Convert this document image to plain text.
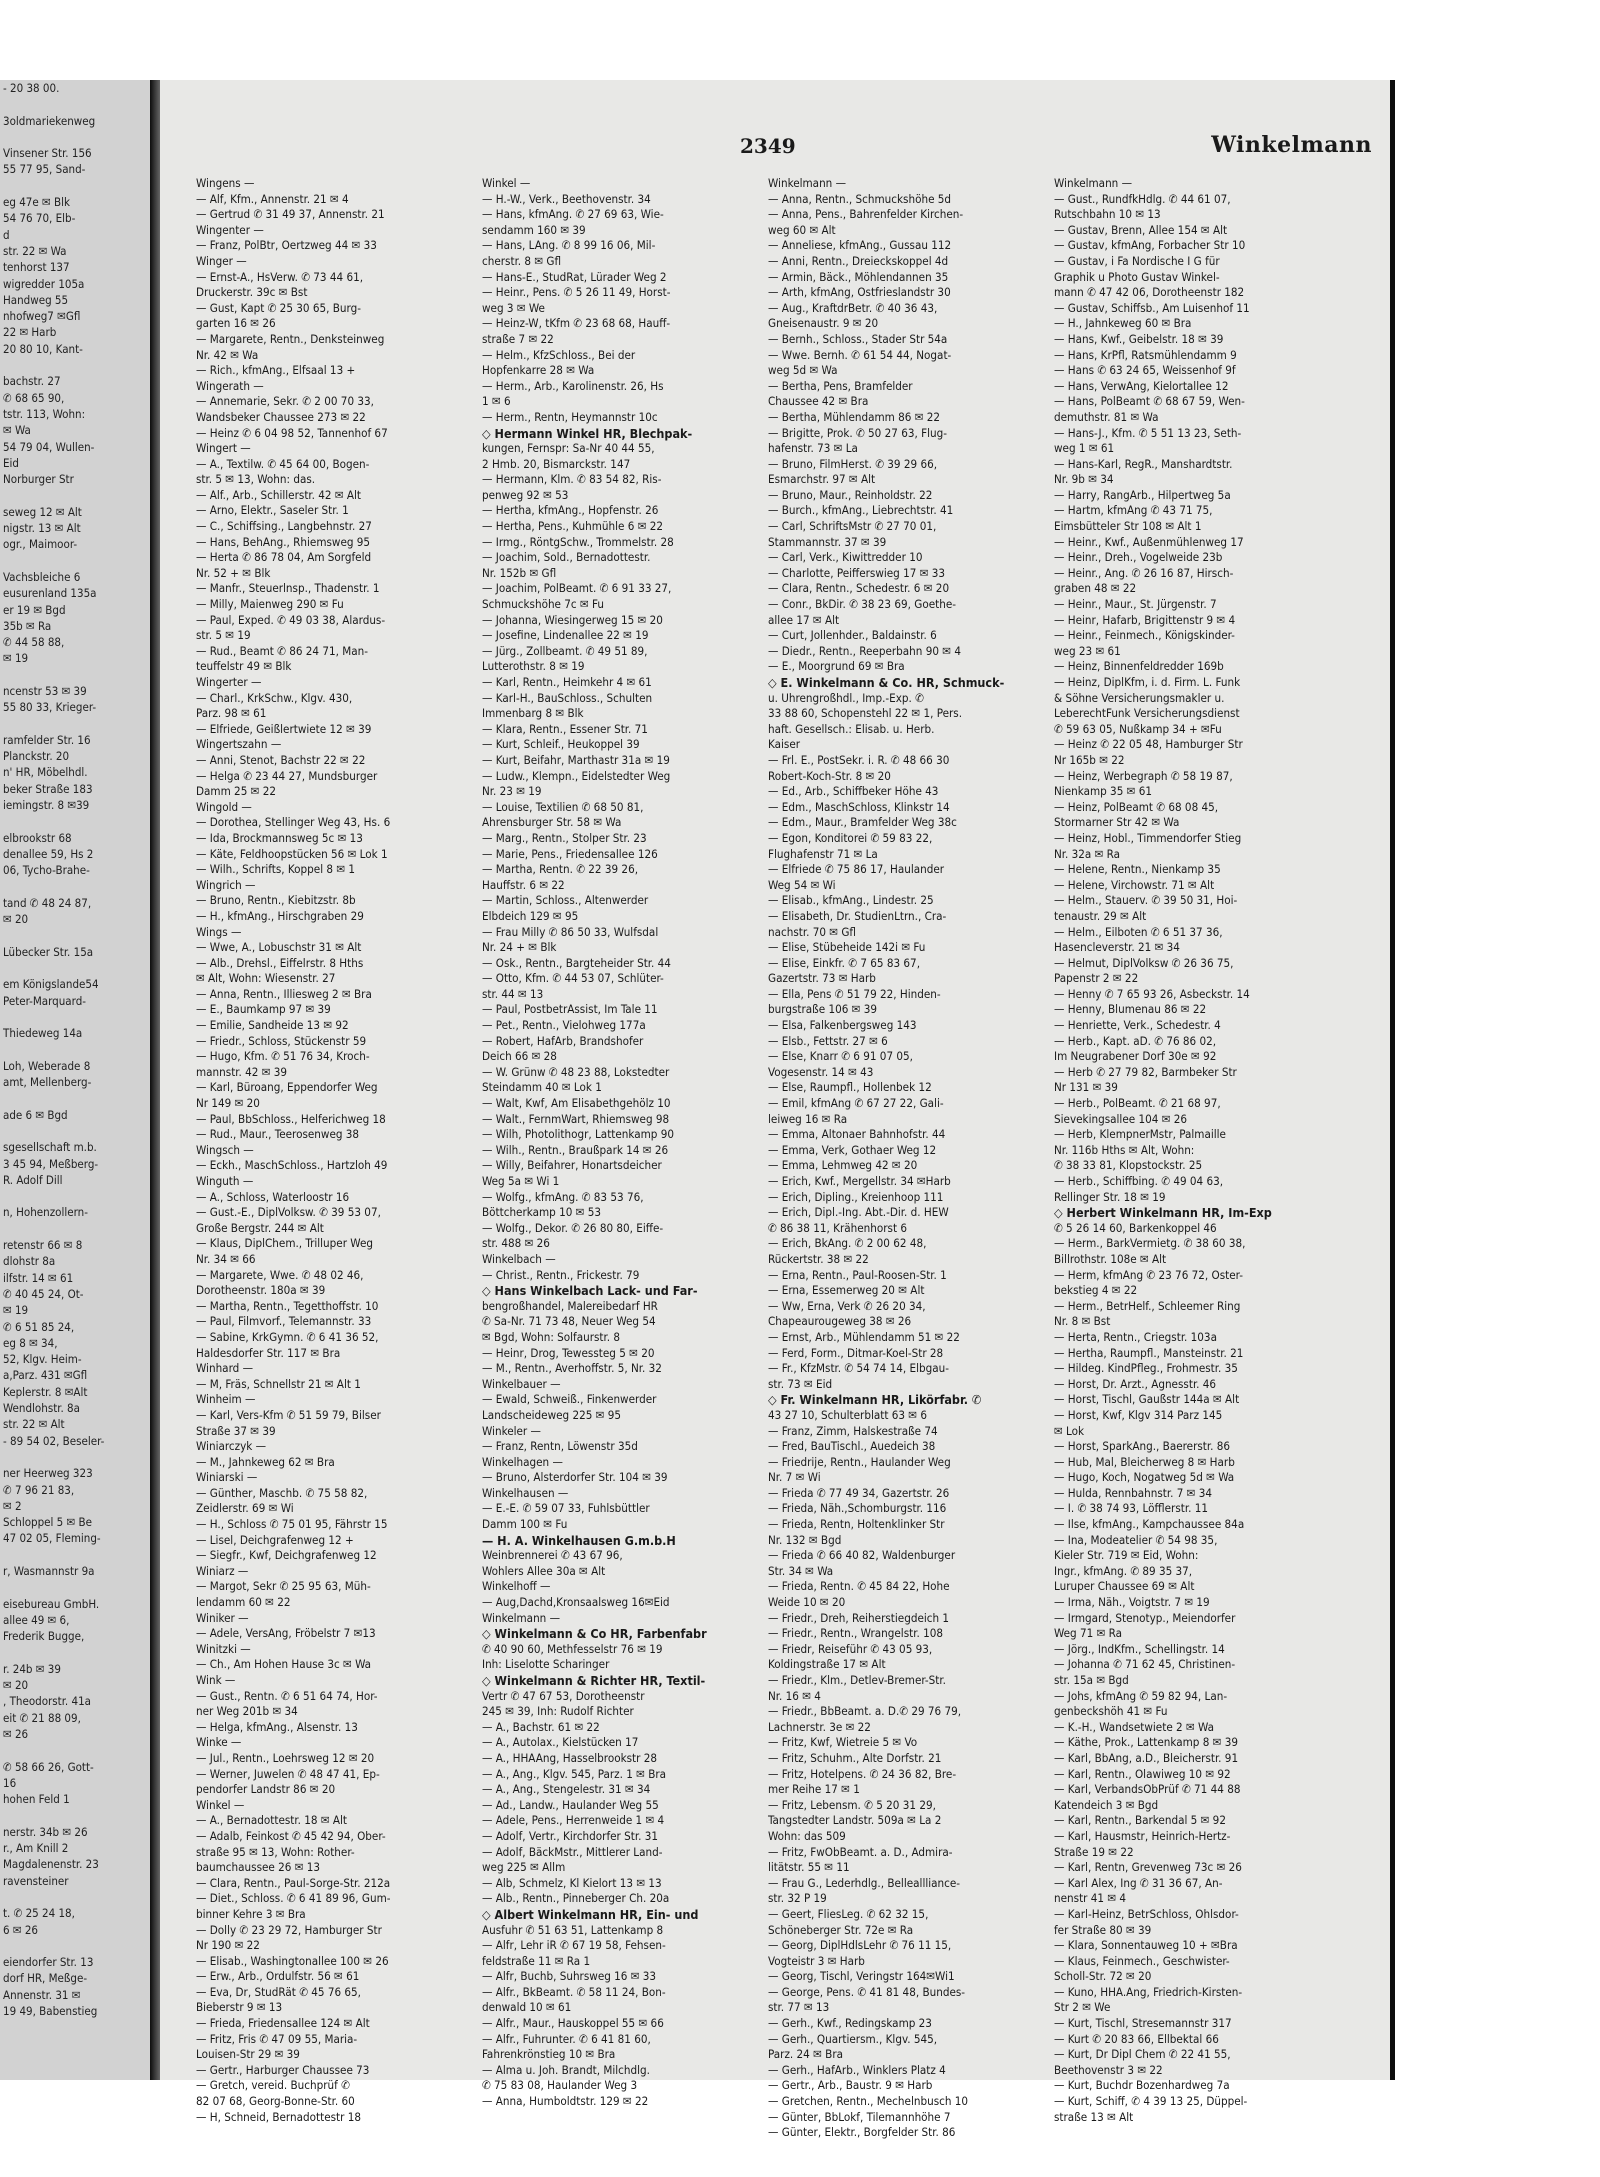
- 20 38 00.

3oldmariekenweg

Vinsener Str. 156
55 77 95, Sand-

eg 47e ✉ Blk
54 76 70, Elb-
d
str. 22 ✉ Wa
tenhorst 137
wigredder 105a
Handweg 55
nhofweg7 ✉Gfl
22 ✉ Harb
20 80 10, Kant-

bachstr. 27
✆ 68 65 90,
tstr. 113, Wohn:
✉ Wa
54 79 04, Wullen-
Eid
Norburger Str

seweg 12 ✉ Alt
nigstr. 13 ✉ Alt
ogr., Maimoor-

Vachsbleiche 6
eusurenland 135a
er 19 ✉ Bgd
35b ✉ Ra
✆ 44 58 88,
✉ 19

ncenstr 53 ✉ 39
55 80 33, Krieger-

ramfelder Str. 16
Planckstr. 20
n' HR, Möbelhdl.
beker Straße 183
iemingstr. 8 ✉39

elbrookstr 68
denallee 59, Hs 2
06, Tycho-Brahe-

tand ✆ 48 24 87,
✉ 20

Lübecker Str. 15a

em Königslande54
Peter-Marquard-

Thiedeweg 14a

Loh, Weberade 8
amt, Mellenberg-

ade 6 ✉ Bgd

sgesellschaft m.b.
3 45 94, Meßberg-
R. Adolf Dill

n, Hohenzollern-

retenstr 66 ✉ 8
dlohstr 8a
ilfstr. 14 ✉ 61
✆ 40 45 24, Ot-
✉ 19
✆ 6 51 85 24,
eg 8 ✉ 34,
52, Klgv. Heim-
a,Parz. 431 ✉Gfl
Keplerstr. 8 ✉Alt
Wendlohstr. 8a
str. 22 ✉ Alt
- 89 54 02, Beseler-

ner Heerweg 323
✆ 7 96 21 83,
✉ 2
Schloppel 5 ✉ Be
47 02 05, Fleming-

r, Wasmannstr 9a

eisebureau GmbH.
allee 49 ✉ 6,
Frederik Bugge,

r. 24b ✉ 39
✉ 20
, Theodorstr. 41a
eit ✆ 21 88 09,
✉ 26

✆ 58 66 26, Gott-
16
hohen Feld 1

nerstr. 34b ✉ 26
r., Am Knill 2
Magdalenenstr. 23
ravensteiner

t. ✆ 25 24 18,
6 ✉ 26

eiendorfer Str. 13
dorf HR, Meßge-
Annenstr. 31 ✉
19 49, Babenstieg
2349	Winkelmann
Wingens —
— Alf, Kfm., Annenstr. 21 ✉ 4
— Gertrud ✆ 31 49 37, Annenstr. 21
Wingenter —
— Franz, PolBtr, Oertzweg 44 ✉ 33
Winger —
— Ernst-A., HsVerw. ✆ 73 44 61,
Druckerstr. 39c ✉ Bst
— Gust, Kapt ✆ 25 30 65, Burg-
garten 16 ✉ 26
— Margarete, Rentn., Denksteinweg
Nr. 42 ✉ Wa
— Rich., kfmAng., Elfsaal 13 +
Wingerath —
— Annemarie, Sekr. ✆ 2 00 70 33,
Wandsbeker Chaussee 273 ✉ 22
— Heinz ✆ 6 04 98 52, Tannenhof 67
Wingert —
— A., Textilw. ✆ 45 64 00, Bogen-
str. 5 ✉ 13, Wohn: das.
— Alf., Arb., Schillerstr. 42 ✉ Alt
— Arno, Elektr., Saseler Str. 1
— C., Schiffsing., Langbehnstr. 27
— Hans, BehAng., Rhiemsweg 95
— Herta ✆ 86 78 04, Am Sorgfeld
Nr. 52 + ✉ Blk
— Manfr., Steuerlnsp., Thadenstr. 1
— Milly, Maienweg 290 ✉ Fu
— Paul, Exped. ✆ 49 03 38, Alardus-
str. 5 ✉ 19
— Rud., Beamt ✆ 86 24 71, Man-
teuffelstr 49 ✉ Blk
Wingerter —
— Charl., KrkSchw., Klgv. 430,
Parz. 98 ✉ 61
— Elfriede, Geißlertwiete 12 ✉ 39
Wingertszahn —
— Anni, Stenot, Bachstr 22 ✉ 22
— Helga ✆ 23 44 27, Mundsburger
Damm 25 ✉ 22
Wingold —
— Dorothea, Stellinger Weg 43, Hs. 6
— Ida, Brockmannsweg 5c ✉ 13
— Käte, Feldhoopstücken 56 ✉ Lok 1
— Wilh., Schrifts, Koppel 8 ✉ 1
Wingrich —
— Bruno, Rentn., Kiebitzstr. 8b
— H., kfmAng., Hirschgraben 29
Wings —
— Wwe, A., Lobuschstr 31 ✉ Alt
— Alb., Drehsl., Eiffelrstr. 8 Hths
✉ Alt, Wohn: Wiesenstr. 27
— Anna, Rentn., Illiesweg 2 ✉ Bra
— E., Baumkamp 97 ✉ 39
— Emilie, Sandheide 13 ✉ 92
— Friedr., Schloss, Stückenstr 59
— Hugo, Kfm. ✆ 51 76 34, Kroch-
mannstr. 42 ✉ 39
— Karl, Büroang, Eppendorfer Weg
Nr 149 ✉ 20
— Paul, BbSchloss., Helferichweg 18
— Rud., Maur., Teerosenweg 38
Wingsch —
— Eckh., MaschSchloss., Hartzloh 49
Winguth —
— A., Schloss, Waterloostr 16
— Gust.-E., DiplVolksw. ✆ 39 53 07,
Große Bergstr. 244 ✉ Alt
— Klaus, DiplChem., Trilluper Weg
Nr. 34 ✉ 66
— Margarete, Wwe. ✆ 48 02 46,
Dorotheenstr. 180a ✉ 39
— Martha, Rentn., Tegetthoffstr. 10
— Paul, Filmvorf., Telemannstr. 33
— Sabine, KrkGymn. ✆ 6 41 36 52,
Haldesdorfer Str. 117 ✉ Bra
Winhard —
— M, Fräs, Schnellstr 21 ✉ Alt 1
Winheim —
— Karl, Vers-Kfm ✆ 51 59 79, Bilser
Straße 37 ✉ 39
Winiarczyk —
— M., Jahnkeweg 62 ✉ Bra
Winiarski —
— Günther, Maschb. ✆ 75 58 82,
Zeidlerstr. 69 ✉ Wi
— H., Schloss ✆ 75 01 95, Fährstr 15
— Lisel, Deichgrafenweg 12 +
— Siegfr., Kwf, Deichgrafenweg 12
Winiarz —
— Margot, Sekr ✆ 25 95 63, Müh-
lendamm 60 ✉ 22
Winiker —
— Adele, VersAng, Fröbelstr 7 ✉13
Winitzki —
— Ch., Am Hohen Hause 3c ✉ Wa
Wink —
— Gust., Rentn. ✆ 6 51 64 74, Hor-
ner Weg 201b ✉ 34
— Helga, kfmAng., Alsenstr. 13
Winke —
— Jul., Rentn., Loehrsweg 12 ✉ 20
— Werner, Juwelen ✆ 48 47 41, Ep-
pendorfer Landstr 86 ✉ 20
Winkel —
— A., Bernadottestr. 18 ✉ Alt
— Adalb, Feinkost ✆ 45 42 94, Ober-
straße 95 ✉ 13, Wohn: Rother-
baumchaussee 26 ✉ 13
— Clara, Rentn., Paul-Sorge-Str. 212a
— Diet., Schloss. ✆ 6 41 89 96, Gum-
binner Kehre 3 ✉ Bra
— Dolly ✆ 23 29 72, Hamburger Str
Nr 190 ✉ 22
— Elisab., Washingtonallee 100 ✉ 26
— Erw., Arb., Ordulfstr. 56 ✉ 61
— Eva, Dr, StudRät ✆ 45 76 65,
Bieberstr 9 ✉ 13
— Frieda, Friedensallee 124 ✉ Alt
— Fritz, Fris ✆ 47 09 55, Maria-
Louisen-Str 29 ✉ 39
— Gertr., Harburger Chaussee 73
— Gretch, vereid. Buchprüf ✆
82 07 68, Georg-Bonne-Str. 60
— H, Schneid, Bernadottestr 18
Winkel —
— H.-W., Verk., Beethovenstr. 34
— Hans, kfmAng. ✆ 27 69 63, Wie-
sendamm 160 ✉ 39
— Hans, LAng. ✆ 8 99 16 06, Mil-
cherstr. 8 ✉ Gfl
— Hans-E., StudRat, Lürader Weg 2
— Heinr., Pens. ✆ 5 26 11 49, Horst-
weg 3 ✉ We
— Heinz-W, tKfm ✆ 23 68 68, Hauff-
straße 7 ✉ 22
— Helm., KfzSchloss., Bei der
Hopfenkarre 28 ✉ Wa
— Herm., Arb., Karolinenstr. 26, Hs
1 ✉ 6
— Herm., Rentn, Heymannstr 10c
◇ Hermann Winkel HR, Blechpak-
kungen, Fernspr: Sa-Nr 40 44 55,
2 Hmb. 20, Bismarckstr. 147
— Hermann, Klm. ✆ 83 54 82, Ris-
penweg 92 ✉ 53
— Hertha, kfmAng., Hopfenstr. 26
— Hertha, Pens., Kuhmühle 6 ✉ 22
— Irmg., RöntgSchw., Trommelstr. 28
— Joachim, Sold., Bernadottestr.
Nr. 152b ✉ Gfl
— Joachim, PolBeamt. ✆ 6 91 33 27,
Schmuckshöhe 7c ✉ Fu
— Johanna, Wiesingerweg 15 ✉ 20
— Josefine, Lindenallee 22 ✉ 19
— Jürg., Zollbeamt. ✆ 49 51 89,
Lutterothstr. 8 ✉ 19
— Karl, Rentn., Heimkehr 4 ✉ 61
— Karl-H., BauSchloss., Schulten
Immenbarg 8 ✉ Blk
— Klara, Rentn., Essener Str. 71
— Kurt, Schleif., Heukoppel 39
— Kurt, Beifahr, Marthastr 31a ✉ 19
— Ludw., Klempn., Eidelstedter Weg
Nr. 23 ✉ 19
— Louise, Textilien ✆ 68 50 81,
Ahrensburger Str. 58 ✉ Wa
— Marg., Rentn., Stolper Str. 23
— Marie, Pens., Friedensallee 126
— Martha, Rentn. ✆ 22 39 26,
Hauffstr. 6 ✉ 22
— Martin, Schloss., Altenwerder
Elbdeich 129 ✉ 95
— Frau Milly ✆ 86 50 33, Wulfsdal
Nr. 24 + ✉ Blk
— Osk., Rentn., Bargteheider Str. 44
— Otto, Kfm. ✆ 44 53 07, Schlüter-
str. 44 ✉ 13
— Paul, PostbetrAssist, Im Tale 11
— Pet., Rentn., Vielohweg 177a
— Robert, HafArb, Brandshofer
Deich 66 ✉ 28
— W. Grünw ✆ 48 23 88, Lokstedter
Steindamm 40 ✉ Lok 1
— Walt, Kwf, Am Elisabethgehölz 10
— Walt., FernmWart, Rhiemsweg 98
— Wilh, Photolithogr, Lattenkamp 90
— Wilh., Rentn., Braußpark 14 ✉ 26
— Willy, Beifahrer, Honartsdeicher
Weg 5a ✉ Wi 1
— Wolfg., kfmAng. ✆ 83 53 76,
Böttcherkamp 10 ✉ 53
— Wolfg., Dekor. ✆ 26 80 80, Eiffe-
str. 488 ✉ 26
Winkelbach —
— Christ., Rentn., Frickestr. 79
◇ Hans Winkelbach Lack- und Far-
bengroßhandel, Malereibedarf HR
✆ Sa-Nr. 71 73 48, Neuer Weg 54
✉ Bgd, Wohn: Solfaurstr. 8
— Heinr, Drog, Tewessteg 5 ✉ 20
— M., Rentn., Averhoffstr. 5, Nr. 32
Winkelbauer —
— Ewald, Schweiß., Finkenwerder
Landscheideweg 225 ✉ 95
Winkeler —
— Franz, Rentn, Löwenstr 35d
Winkelhagen —
— Bruno, Alsterdorfer Str. 104 ✉ 39
Winkelhausen —
— E.-E. ✆ 59 07 33, Fuhlsbüttler
Damm 100 ✉ Fu
— H. A. Winkelhausen G.m.b.H
Weinbrennerei ✆ 43 67 96,
Wohlers Allee 30a ✉ Alt
Winkelhoff —
— Aug,Dachd,Kronsaalsweg 16✉Eid
Winkelmann —
◇ Winkelmann & Co HR, Farbenfabr
✆ 40 90 60, Methfesselstr 76 ✉ 19
Inh: Liselotte Scharinger
◇ Winkelmann & Richter HR, Textil-
Vertr ✆ 47 67 53, Dorotheenstr
245 ✉ 39, Inh: Rudolf Richter
— A., Bachstr. 61 ✉ 22
— A., Autolax., Kielstücken 17
— A., HHAAng, Hasselbrookstr 28
— A., Ang., Klgv. 545, Parz. 1 ✉ Bra
— A., Ang., Stengelestr. 31 ✉ 34
— Ad., Landw., Haulander Weg 55
— Adele, Pens., Herrenweide 1 ✉ 4
— Adolf, Vertr., Kirchdorfer Str. 31
— Adolf, BäckMstr., Mittlerer Land-
weg 225 ✉ Allm
— Alb, Schmelz, Kl Kielort 13 ✉ 13
— Alb., Rentn., Pinneberger Ch. 20a
◇ Albert Winkelmann HR, Ein- und
Ausfuhr ✆ 51 63 51, Lattenkamp 8
— Alfr, Lehr iR ✆ 67 19 58, Fehsen-
feldstraße 11 ✉ Ra 1
— Alfr, Buchb, Suhrsweg 16 ✉ 33
— Alfr., BkBeamt. ✆ 58 11 24, Bon-
denwald 10 ✉ 61
— Alfr., Maur., Hauskoppel 55 ✉ 66
— Alfr., Fuhrunter. ✆ 6 41 81 60,
Fahrenkrönstieg 10 ✉ Bra
— Alma u. Joh. Brandt, Milchdlg.
✆ 75 83 08, Haulander Weg 3
— Anna, Humboldtstr. 129 ✉ 22
Winkelmann —
— Anna, Rentn., Schmuckshöhe 5d
— Anna, Pens., Bahrenfelder Kirchen-
weg 60 ✉ Alt
— Anneliese, kfmAng., Gussau 112
— Anni, Rentn., Dreieckskoppel 4d
— Armin, Bäck., Möhlendannen 35
— Arth, kfmAng, Ostfrieslandstr 30
— Aug., KraftdrBetr. ✆ 40 36 43,
Gneisenaustr. 9 ✉ 20
— Bernh., Schloss., Stader Str 54a
— Wwe. Bernh. ✆ 61 54 44, Nogat-
weg 5d ✉ Wa
— Bertha, Pens, Bramfelder
Chaussee 42 ✉ Bra
— Bertha, Mühlendamm 86 ✉ 22
— Brigitte, Prok. ✆ 50 27 63, Flug-
hafenstr. 73 ✉ La
— Bruno, FilmHerst. ✆ 39 29 66,
Esmarchstr. 97 ✉ Alt
— Bruno, Maur., Reinholdstr. 22
— Burch., kfmAng., Liebrechtstr. 41
— Carl, SchriftsMstr ✆ 27 70 01,
Stammannstr. 37 ✉ 39
— Carl, Verk., Kiwittredder 10
— Charlotte, Peifferswieg 17 ✉ 33
— Clara, Rentn., Schedestr. 6 ✉ 20
— Conr., BkDir. ✆ 38 23 69, Goethe-
allee 17 ✉ Alt
— Curt, Jollenhder., Baldainstr. 6
— Diedr., Rentn., Reeperbahn 90 ✉ 4
— E., Moorgrund 69 ✉ Bra
◇ E. Winkelmann & Co. HR, Schmuck-
u. Uhrengroßhdl., Imp.-Exp. ✆
33 88 60, Schopenstehl 22 ✉ 1, Pers.
haft. Gesellsch.: Elisab. u. Herb.
Kaiser
— Frl. E., PostSekr. i. R. ✆ 48 66 30
Robert-Koch-Str. 8 ✉ 20
— Ed., Arb., Schiffbeker Höhe 43
— Edm., MaschSchloss, Klinkstr 14
— Edm., Maur., Bramfelder Weg 38c
— Egon, Konditorei ✆ 59 83 22,
Flughafenstr 71 ✉ La
— Elfriede ✆ 75 86 17, Haulander
Weg 54 ✉ Wi
— Elisab., kfmAng., Lindestr. 25
— Elisabeth, Dr. StudienLtrn., Cra-
nachstr. 70 ✉ Gfl
— Elise, Stübeheide 142i ✉ Fu
— Elise, Einkfr. ✆ 7 65 83 67,
Gazertstr. 73 ✉ Harb
— Ella, Pens ✆ 51 79 22, Hinden-
burgstraße 106 ✉ 39
— Elsa, Falkenbergsweg 143
— Elsb., Fettstr. 27 ✉ 6
— Else, Knarr ✆ 6 91 07 05,
Vogesenstr. 14 ✉ 43
— Else, Raumpfl., Hollenbek 12
— Emil, kfmAng ✆ 67 27 22, Gali-
leiweg 16 ✉ Ra
— Emma, Altonaer Bahnhofstr. 44
— Emma, Verk, Gothaer Weg 12
— Emma, Lehmweg 42 ✉ 20
— Erich, Kwf., Mergellstr. 34 ✉Harb
— Erich, Dipling., Kreienhoop 111
— Erich, Dipl.-Ing. Abt.-Dir. d. HEW
✆ 86 38 11, Krähenhorst 6
— Erich, BkAng. ✆ 2 00 62 48,
Rückertstr. 38 ✉ 22
— Erna, Rentn., Paul-Roosen-Str. 1
— Erna, Essemerweg 20 ✉ Alt
— Ww, Erna, Verk ✆ 26 20 34,
Chapeaurougeweg 38 ✉ 26
— Ernst, Arb., Mühlendamm 51 ✉ 22
— Ferd, Form., Ditmar-Koel-Str 28
— Fr., KfzMstr. ✆ 54 74 14, Elbgau-
str. 73 ✉ Eid
◇ Fr. Winkelmann HR, Likörfabr. ✆
43 27 10, Schulterblatt 63 ✉ 6
— Franz, Zimm, Halskestraße 74
— Fred, BauTischl., Auedeich 38
— Friedrije, Rentn., Haulander Weg
Nr. 7 ✉ Wi
— Frieda ✆ 77 49 34, Gazertstr. 26
— Frieda, Näh.,Schomburgstr. 116
— Frieda, Rentn, Holtenklinker Str
Nr. 132 ✉ Bgd
— Frieda ✆ 66 40 82, Waldenburger
Str. 34 ✉ Wa
— Frieda, Rentn. ✆ 45 84 22, Hohe
Weide 10 ✉ 20
— Friedr., Dreh, Reiherstiegdeich 1
— Friedr., Rentn., Wrangelstr. 108
— Friedr, Reiseführ ✆ 43 05 93,
Koldingstraße 17 ✉ Alt
— Friedr., Klm., Detlev-Bremer-Str.
Nr. 16 ✉ 4
— Friedr., BbBeamt. a. D.✆ 29 76 79,
Lachnerstr. 3e ✉ 22
— Fritz, Kwf, Wietreie 5 ✉ Vo
— Fritz, Schuhm., Alte Dorfstr. 21
— Fritz, Hotelpens. ✆ 24 36 82, Bre-
mer Reihe 17 ✉ 1
— Fritz, Lebensm. ✆ 5 20 31 29,
Tangstedter Landstr. 509a ✉ La 2
Wohn: das 509
— Fritz, FwObBeamt. a. D., Admira-
litätstr. 55 ✉ 11
— Frau G., Lederhdlg., Belleallliance-
str. 32 P 19
— Geert, FliesLeg. ✆ 62 32 15,
Schöneberger Str. 72e ✉ Ra
— Georg, DiplHdlsLehr ✆ 76 11 15,
Vogteistr 3 ✉ Harb
— Georg, Tischl, Veringstr 164✉Wi1
— George, Pens. ✆ 41 81 48, Bundes-
str. 77 ✉ 13
— Gerh., Kwf., Redingskamp 23
— Gerh., Quartiersm., Klgv. 545,
Parz. 24 ✉ Bra
— Gerh., HafArb., Winklers Platz 4
— Gertr., Arb., Baustr. 9 ✉ Harb
— Gretchen, Rentn., Mechelnbusch 10
— Günter, BbLokf, Tilemannhöhe 7
— Günter, Elektr., Borgfelder Str. 86
Winkelmann —
— Gust., RundfkHdlg. ✆ 44 61 07,
Rutschbahn 10 ✉ 13
— Gustav, Brenn, Allee 154 ✉ Alt
— Gustav, kfmAng, Forbacher Str 10
— Gustav, i Fa Nordische I G für
Graphik u Photo Gustav Winkel-
mann ✆ 47 42 06, Dorotheenstr 182
— Gustav, Schiffsb., Am Luisenhof 11
— H., Jahnkeweg 60 ✉ Bra
— Hans, Kwf., Geibelstr. 18 ✉ 39
— Hans, KrPfl, Ratsmühlendamm 9
— Hans ✆ 63 24 65, Weissenhof 9f
— Hans, VerwAng, Kielortallee 12
— Hans, PolBeamt ✆ 68 67 59, Wen-
demuthstr. 81 ✉ Wa
— Hans-J., Kfm. ✆ 5 51 13 23, Seth-
weg 1 ✉ 61
— Hans-Karl, RegR., Manshardtstr.
Nr. 9b ✉ 34
— Harry, RangArb., Hilpertweg 5a
— Hartm, kfmAng ✆ 43 71 75,
Eimsbütteler Str 108 ✉ Alt 1
— Heinr., Kwf., Außenmühlenweg 17
— Heinr., Dreh., Vogelweide 23b
— Heinr., Ang. ✆ 26 16 87, Hirsch-
graben 48 ✉ 22
— Heinr., Maur., St. Jürgenstr. 7
— Heinr, Hafarb, Brigittenstr 9 ✉ 4
— Heinr., Feinmech., Königskinder-
weg 23 ✉ 61
— Heinz, Binnenfeldredder 169b
— Heinz, DiplKfm, i. d. Firm. L. Funk
& Söhne Versicherungsmakler u.
LeberechtFunk Versicherungsdienst
✆ 59 63 05, Nußkamp 34 + ✉Fu
— Heinz ✆ 22 05 48, Hamburger Str
Nr 165b ✉ 22
— Heinz, Werbegraph ✆ 58 19 87,
Nienkamp 35 ✉ 61
— Heinz, PolBeamt ✆ 68 08 45,
Stormarner Str 42 ✉ Wa
— Heinz, Hobl., Timmendorfer Stieg
Nr. 32a ✉ Ra
— Helene, Rentn., Nienkamp 35
— Helene, Virchowstr. 71 ✉ Alt
— Helm., Stauerv. ✆ 39 50 31, Hoi-
tenaustr. 29 ✉ Alt
— Helm., Eilboten ✆ 6 51 37 36,
Hasencleverstr. 21 ✉ 34
— Helmut, DiplVolksw ✆ 26 36 75,
Papenstr 2 ✉ 22
— Henny ✆ 7 65 93 26, Asbeckstr. 14
— Henny, Blumenau 86 ✉ 22
— Henriette, Verk., Schedestr. 4
— Herb., Kapt. aD. ✆ 76 86 02,
Im Neugrabener Dorf 30e ✉ 92
— Herb ✆ 27 79 82, Barmbeker Str
Nr 131 ✉ 39
— Herb., PolBeamt. ✆ 21 68 97,
Sievekingsallee 104 ✉ 26
— Herb, KlempnerMstr, Palmaille
Nr. 116b Hths ✉ Alt, Wohn:
✆ 38 33 81, Klopstockstr. 25
— Herb., Schiffbing. ✆ 49 04 63,
Rellinger Str. 18 ✉ 19
◇ Herbert Winkelmann HR, Im-Exp
✆ 5 26 14 60, Barkenkoppel 46
— Herm., BarkVermietg. ✆ 38 60 38,
Billrothstr. 108e ✉ Alt
— Herm, kfmAng ✆ 23 76 72, Oster-
bekstieg 4 ✉ 22
— Herm., BetrHelf., Schleemer Ring
Nr. 8 ✉ Bst
— Herta, Rentn., Criegstr. 103a
— Hertha, Raumpfl., Mansteinstr. 21
— Hildeg. KindPfleg., Frohmestr. 35
— Horst, Dr. Arzt., Agnesstr. 46
— Horst, Tischl, Gaußstr 144a ✉ Alt
— Horst, Kwf, Klgv 314 Parz 145
✉ Lok
— Horst, SparkAng., Baererstr. 86
— Hub, Mal, Bleicherweg 8 ✉ Harb
— Hugo, Koch, Nogatweg 5d ✉ Wa
— Hulda, Rennbahnstr. 7 ✉ 34
— I. ✆ 38 74 93, Löfflerstr. 11
— Ilse, kfmAng., Kampchaussee 84a
— Ina, Modeatelier ✆ 54 98 35,
Kieler Str. 719 ✉ Eid, Wohn:
Ingr., kfmAng. ✆ 89 35 37,
Luruper Chaussee 69 ✉ Alt
— Irma, Näh., Voigtstr. 7 ✉ 19
— Irmgard, Stenotyp., Meiendorfer
Weg 71 ✉ Ra
— Jörg., IndKfm., Schellingstr. 14
— Johanna ✆ 71 62 45, Christinen-
str. 15a ✉ Bgd
— Johs, kfmAng ✆ 59 82 94, Lan-
genbeckshöh 41 ✉ Fu
— K.-H., Wandsetwiete 2 ✉ Wa
— Käthe, Prok., Lattenkamp 8 ✉ 39
— Karl, BbAng, a.D., Bleicherstr. 91
— Karl, Rentn., Olawiweg 10 ✉ 92
— Karl, VerbandsObPrüf ✆ 71 44 88
Katendeich 3 ✉ Bgd
— Karl, Rentn., Barkendal 5 ✉ 92
— Karl, Hausmstr, Heinrich-Hertz-
Straße 19 ✉ 22
— Karl, Rentn, Grevenweg 73c ✉ 26
— Karl Alex, Ing ✆ 31 36 67, An-
nenstr 41 ✉ 4
— Karl-Heinz, BetrSchloss, Ohlsdor-
fer Straße 80 ✉ 39
— Klara, Sonnentauweg 10 + ✉Bra
— Klaus, Feinmech., Geschwister-
Scholl-Str. 72 ✉ 20
— Kuno, HHA.Ang, Friedrich-Kirsten-
Str 2 ✉ We
— Kurt, Tischl, Stresemannstr 317
— Kurt ✆ 20 83 66, Ellbektal 66
— Kurt, Dr Dipl Chem ✆ 22 41 55,
Beethovenstr 3 ✉ 22
— Kurt, Buchdr Bozenhardweg 7a
— Kurt, Schiff, ✆ 4 39 13 25, Düppel-
straße 13 ✉ Alt
